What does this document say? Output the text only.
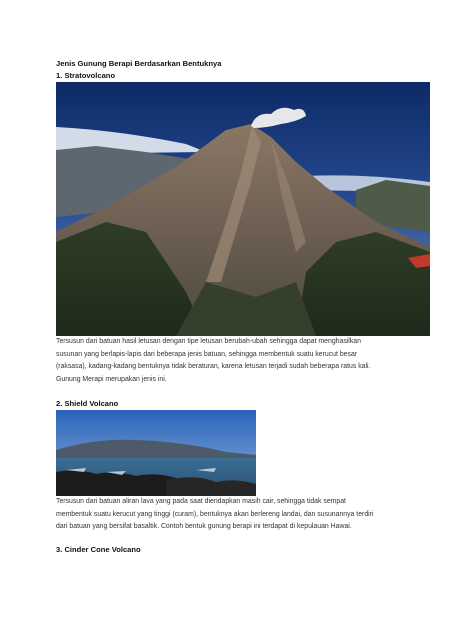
Jenis Gunung Berapi Berdasarkan Bentuknya
1. Stratovolcano
Tersusun dari batuan hasil letusan dengan tipe letusan berubah-ubah sehingga dapat menghasilkan
susunan yang berlapis-lapis dari beberapa jenis batuan, sehingga membentuk suatu kerucut besar
(raksasa), kadang-kadang bentuknya tidak beraturan, karena letusan terjadi sudah beberapa ratus kali.
Gunung Merapi merupakan jenis ini.
2. Shield Volcano
Tersusun dari batuan aliran lava yang pada saat diendapkan masih cair, sehingga tidak sempat
membentuk suatu kerucut yang tinggi (curam), bentuknya akan berlereng landai, dan susunannya terdiri
dari batuan yang bersifat basaltik. Contoh bentuk gunung berapi ini terdapat di kepulauan Hawai.
3. Cinder Cone Volcano
